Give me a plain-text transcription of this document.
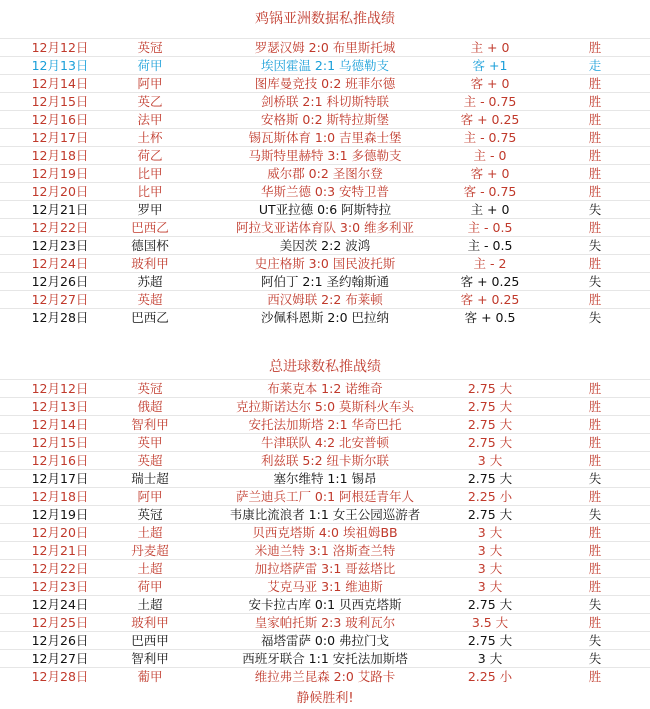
鸡锅亚洲数据私推战绩
12月12日	英冠	罗瑟汉姆 2:0 布里斯托城	主 + 0	胜
12月13日	荷甲	埃因霍温 2:1 乌德勒支	客 +1	走
12月14日	阿甲	图库曼竞技 0:2 班菲尔德	客 + 0	胜
12月15日	英乙	剑桥联 2:1 科切斯特联	主 - 0.75	胜
12月16日	法甲	安格斯 0:2 斯特拉斯堡	客 + 0.25	胜
12月17日	土杯	锡瓦斯体育 1:0 吉里森士堡	主 - 0.75	胜
12月18日	荷乙	马斯特里赫特 3:1 多德勒支	主 - 0	胜
12月19日	比甲	威尔郡 0:2 圣图尔登	客 + 0	胜
12月20日	比甲	华斯兰德 0:3 安特卫普	客 - 0.75	胜
12月21日	罗甲	UT亚拉德 0:6 阿斯特拉	主 + 0	失
12月22日	巴西乙	阿拉戈亚诺体育队 3:0 维多利亚	主 - 0.5	胜
12月23日	德国杯	美因茨 2:2 波鸿	主 - 0.5	失
12月24日	玻利甲	史庄格斯 3:0 国民波托斯	主 - 2	胜
12月26日	苏超	阿伯丁 2:1 圣约翰斯通	客 + 0.25	失
12月27日	英超	西汉姆联 2:2 布莱顿	客 + 0.25	胜
12月28日	巴西乙	沙佩科恩斯 2:0 巴拉纳	客 + 0.5	失
总进球数私推战绩
12月12日	英冠	布莱克本 1:2 诺维奇	2.75 大	胜
12月13日	俄超	克拉斯诺达尔 5:0 莫斯科火车头	2.75 大	胜
12月14日	智利甲	安托法加斯塔 2:1 华奇巴托	2.75 大	胜
12月15日	英甲	牛津联队 4:2 北安普顿	2.75 大	胜
12月16日	英超	利兹联 5:2 纽卡斯尔联	3 大	胜
12月17日	瑞士超	塞尔维特 1:1 锡昂	2.75 大	失
12月18日	阿甲	萨兰迪兵工厂 0:1 阿根廷青年人	2.25 小	胜
12月19日	英冠	韦康比流浪者 1:1 女王公园巡游者	2.75 大	失
12月20日	土超	贝西克塔斯 4:0 埃祖姆BB	3 大	胜
12月21日	丹麦超	米迪兰特 3:1 洛斯查兰特	3 大	胜
12月22日	土超	加拉塔萨雷 3:1 哥兹塔比	3 大	胜
12月23日	荷甲	艾克马亚 3:1 维迪斯	3 大	胜
12月24日	土超	安卡拉古库 0:1 贝西克塔斯	2.75 大	失
12月25日	玻利甲	皇家帕托斯 2:3 玻利瓦尔	3.5 大	胜
12月26日	巴西甲	福塔雷萨 0:0 弗拉门戈	2.75 大	失
12月27日	智利甲	西班牙联合 1:1 安托法加斯塔	3 大	失
12月28日	葡甲	维拉弗兰昆森 2:0 艾路卡	2.25 小	胜
静候胜利!
